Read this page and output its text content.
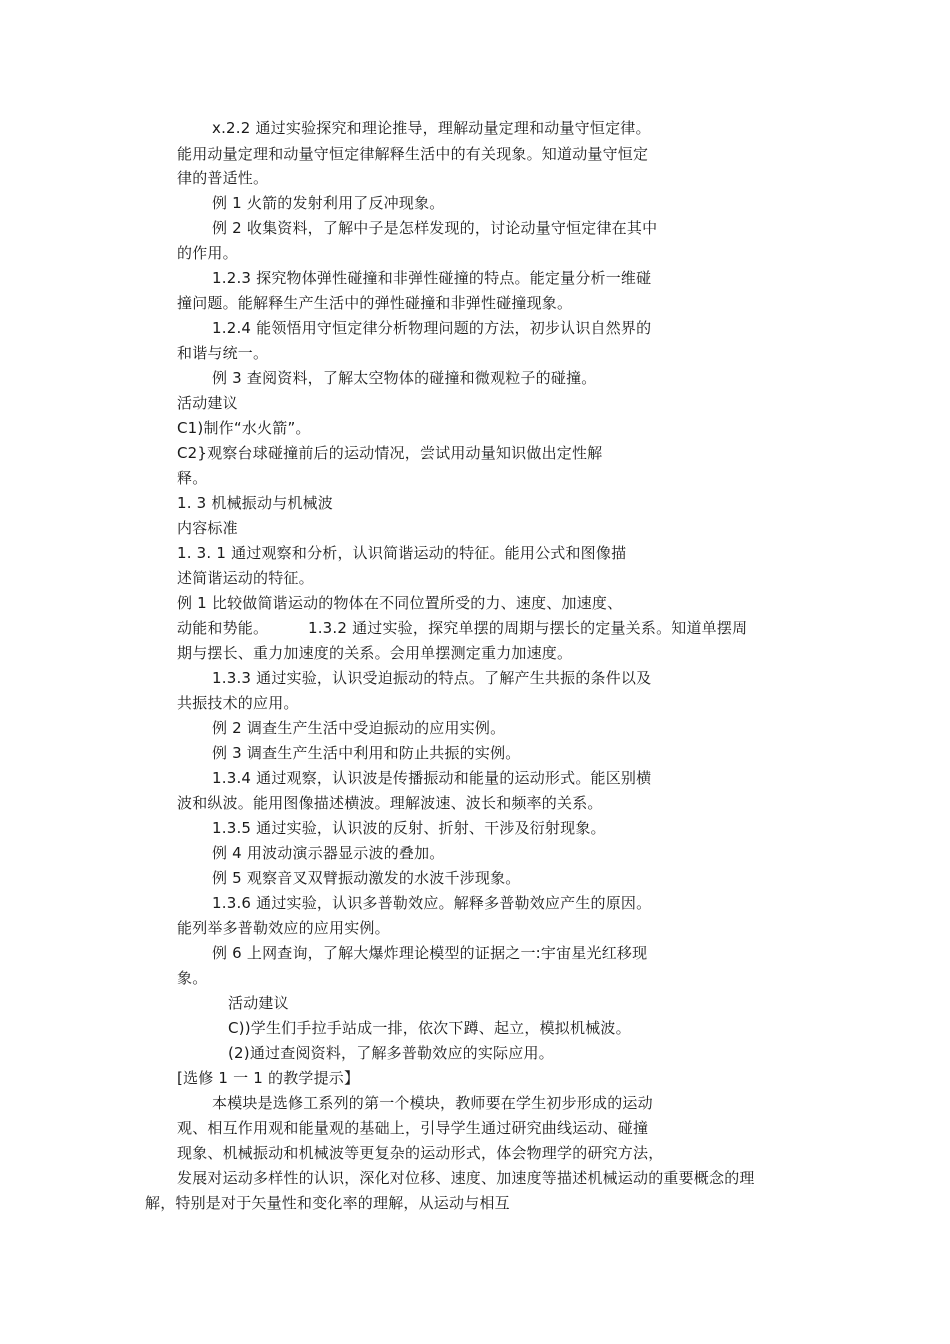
x.2.2 通过实验探究和理论推导，理解动量定理和动量守恒定律。
能用动量定理和动量守恒定律解释生活中的有关现象。知道动量守恒定
律的普适性。
例 1 火箭的发射利用了反冲现象。
例 2 收集资料，了解中子是怎样发现的，讨论动量守恒定律在其中
的作用。
1.2.3 探究物体弹性碰撞和非弹性碰撞的特点。能定量分析一维碰
撞问题。能解释生产生活中的弹性碰撞和非弹性碰撞现象。
1.2.4 能领悟用守恒定律分析物理问题的方法，初步认识自然界的
和谐与统一。
例 3 查阅资料，了解太空物体的碰撞和微观粒子的碰撞。
活动建议
C1)制作“水火箭”。
C2}观察台球碰撞前后的运动情况，尝试用动量知识做出定性解
释。
1. 3 机械振动与机械波
内容标准
1. 3. 1 通过观察和分析，认识简谐运动的特征。能用公式和图像描
述简谐运动的特征。
例 1 比较做简谐运动的物体在不同位置所受的力、速度、加速度、
动能和势能。        1.3.2 通过实验，探究单摆的周期与摆长的定量关系。知道单摆周
期与摆长、重力加速度的关系。会用单摆测定重力加速度。
1.3.3 通过实验，认识受迫振动的特点。了解产生共振的条件以及
共振技术的应用。
例 2 调查生产生活中受迫振动的应用实例。
例 3 调查生产生活中利用和防止共振的实例。
1.3.4 通过观察，认识波是传播振动和能量的运动形式。能区别横
波和纵波。能用图像描述横波。理解波速、波长和频率的关系。
1.3.5 通过实验，认识波的反射、折射、干涉及衍射现象。
例 4 用波动演示器显示波的叠加。
例 5 观察音叉双臂振动激发的水波千涉现象。
1.3.6 通过实验，认识多普勒效应。解释多普勒效应产生的原因。
能列举多普勒效应的应用实例。
例 6 上网查询，了解大爆炸理论模型的证据之一:宇宙星光红移现
象。
活动建议
C))学生们手拉手站成一排，依次下蹲、起立，模拟机械波。
(2)通过查阅资料，了解多普勒效应的实际应用。
[选修 1 一 1 的教学提示】
本模块是选修工系列的第一个模块，教师要在学生初步形成的运动
观、相互作用观和能量观的基础上，引导学生通过研究曲线运动、碰撞
现象、机械振动和机械波等更复杂的运动形式，体会物理学的研究方法，
发展对运动多样性的认识，深化对位移、速度、加速度等描述机械运动的重要概念的理
解，特别是对于矢量性和变化率的理解，从运动与相互
